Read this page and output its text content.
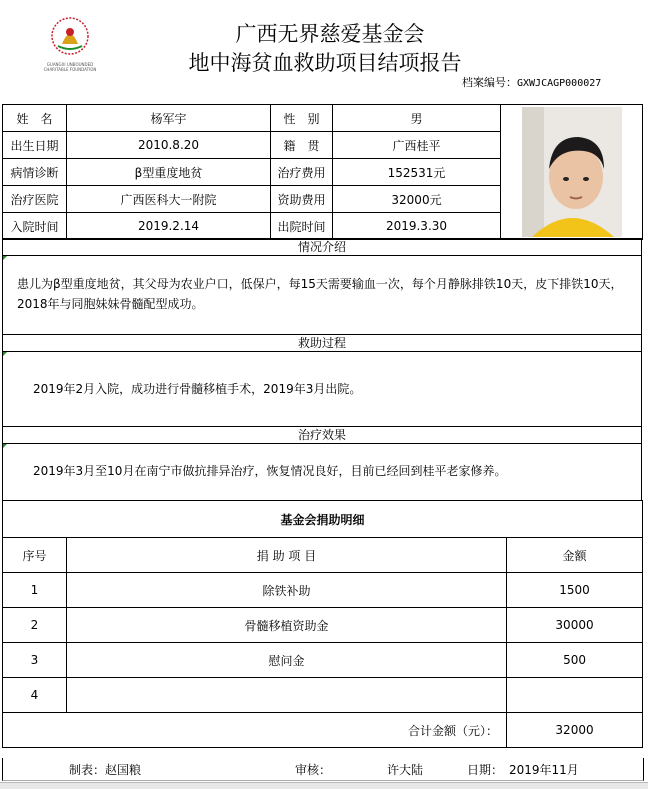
GUANGXI UNBOUNDED CHARITABLE FOUNDATION
广西无界慈爱基金会
地中海贫血救助项目结项报告
档案编号：GXWJCAGP000027
姓　名	杨军宇	性　别	男	

出生日期	2010.8.20	籍　贯	广西桂平	
病情诊断	β型重度地贫	治疗费用	152531元	
治疗医院	广西医科大一附院	资助费用	32000元	
入院时间	2019.2.14	出院时间	2019.3.30	
情况介绍
患儿为β型重度地贫，其父母为农业户口，低保户，每15天需要输血一次，每个月静脉排铁10天，皮下排铁10天，2018年与同胞妹妹骨髓配型成功。
救助过程
2019年2月入院，成功进行骨髓移植手术，2019年3月出院。
治疗效果
2019年3月至10月在南宁市做抗排异治疗，恢复情况良好，目前已经回到桂平老家修养。
基金会捐助明细		
序号	捐 助 项 目	金额
1	除铁补助	1500
2	骨髓移植资助金	30000
3	慰问金	500
4		
合计金额（元）：		32000
制表： 赵国粮	审核：	许大陆	日期： 2019年11月
